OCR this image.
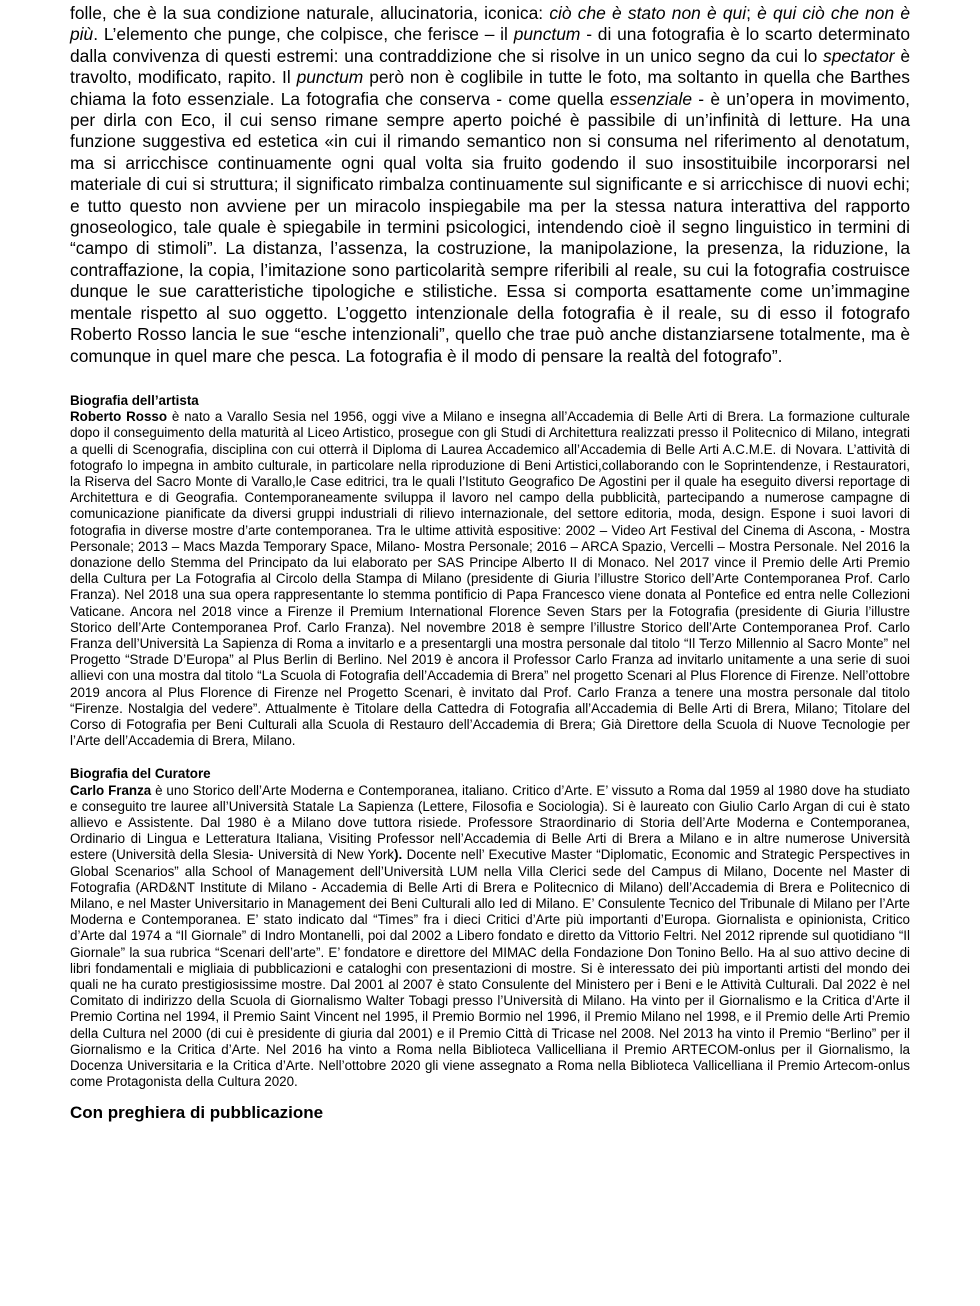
folle, che è la sua condizione naturale, allucinatoria, iconica: ciò che è stato non è qui; è qui ciò che non è più. L’elemento che punge, che colpisce, che ferisce – il punctum - di una fotografia è lo scarto determinato dalla convivenza di questi estremi: una contraddizione che si risolve in un unico segno da cui lo spectator è travolto, modificato, rapito. Il punctum però non è coglibile in tutte le foto, ma soltanto in quella che Barthes chiama la foto essenziale. La fotografia che conserva - come quella essenziale - è un’opera in movimento, per dirla con Eco, il cui senso rimane sempre aperto poiché è passibile di un’infinità di letture. Ha una funzione suggestiva ed estetica «in cui il rimando semantico non si consuma nel riferimento al denotatum, ma si arricchisce continuamente ogni qual volta sia fruito godendo il suo insostituibile incorporarsi nel materiale di cui si struttura; il significato rimbalza continuamente sul significante e si arricchisce di nuovi echi; e tutto questo non avviene per un miracolo inspiegabile ma per la stessa natura interattiva del rapporto gnoseologico, tale quale è spiegabile in termini psicologici, intendendo cioè il segno linguistico in termini di “campo di stimoli”. La distanza, l’assenza, la costruzione, la manipolazione, la presenza, la riduzione, la contraffazione, la copia, l’imitazione sono particolarità sempre riferibili al reale, su cui la fotografia costruisce dunque le sue caratteristiche tipologiche e stilistiche. Essa si comporta esattamente come un’immagine mentale rispetto al suo oggetto. L’oggetto intenzionale della fotografia è il reale, su di esso il fotografo Roberto Rosso lancia le sue “esche intenzionali”, quello che trae può anche distanziarsene totalmente, ma è comunque in quel mare che pesca. La fotografia è il modo di pensare la realtà del fotografo”.

Biografia dell’artista

Roberto Rosso è nato a Varallo Sesia nel 1956, oggi vive a Milano e insegna all’Accademia di Belle Arti di Brera. La formazione culturale dopo il conseguimento della maturità al Liceo Artistico, prosegue con gli Studi di Architettura realizzati presso il Politecnico di Milano, integrati a quelli di Scenografia, disciplina con cui otterrà il Diploma di Laurea Accademico all’Accademia di Belle Arti A.C.M.E. di Novara. L’attività di fotografo lo impegna in ambito culturale, in particolare nella riproduzione di Beni Artistici,collaborando con le Soprintendenze, i Restauratori, la Riserva del Sacro Monte di Varallo,le Case editrici, tra le quali l’Istituto Geografico De Agostini per il quale ha eseguito diversi reportage di Architettura e di Geografia. Contemporaneamente sviluppa il lavoro nel campo della pubblicità, partecipando a numerose campagne di comunicazione pianificate da diversi gruppi industriali di rilievo internazionale, del settore editoria, moda, design. Espone i suoi lavori di fotografia in diverse mostre d’arte contemporanea. Tra le ultime attività espositive: 2002 – Video Art Festival del Cinema di Ascona, - Mostra Personale; 2013 – Macs Mazda Temporary Space, Milano- Mostra Personale; 2016 – ARCA Spazio, Vercelli – Mostra Personale. Nel 2016 la donazione dello Stemma del Principato da lui elaborato per SAS Principe Alberto II di Monaco. Nel 2017 vince il Premio delle Arti Premio della Cultura per La Fotografia al Circolo della Stampa di Milano (presidente di Giuria l’illustre Storico dell’Arte Contemporanea Prof. Carlo Franza). Nel 2018 una sua opera rappresentante lo stemma pontificio di Papa Francesco viene donata al Pontefice ed entra nelle Collezioni Vaticane. Ancora nel 2018 vince a Firenze il Premium International Florence Seven Stars per la Fotografia (presidente di Giuria l’illustre Storico dell’Arte Contemporanea Prof. Carlo Franza). Nel novembre 2018 è sempre l’illustre Storico dell’Arte Contemporanea Prof. Carlo Franza dell’Università La Sapienza di Roma a invitarlo e a presentargli una mostra personale dal titolo “Il Terzo Millennio al Sacro Monte” nel Progetto “Strade D’Europa” al Plus Berlin di Berlino. Nel 2019 è ancora il Professor Carlo Franza ad invitarlo unitamente a una serie di suoi allievi con una mostra dal titolo “La Scuola di Fotografia dell’Accademia di Brera” nel progetto Scenari al Plus Florence di Firenze. Nell’ottobre 2019 ancora al Plus Florence di Firenze nel Progetto Scenari, è invitato dal Prof. Carlo Franza a tenere una mostra personale dal titolo “Firenze. Nostalgia del vedere”. Attualmente è Titolare della Cattedra di Fotografia all’Accademia di Belle Arti di Brera, Milano; Titolare del Corso di Fotografia per Beni Culturali alla Scuola di Restauro dell’Accademia di Brera; Già Direttore della Scuola di Nuove Tecnologie per l’Arte dell’Accademia di Brera, Milano.

Biografia del Curatore

Carlo Franza è uno Storico dell’Arte Moderna e Contemporanea, italiano. Critico d’Arte. E’ vissuto a Roma dal 1959 al 1980 dove ha studiato e conseguito tre lauree all’Università Statale La Sapienza (Lettere, Filosofia e Sociologia). Si è laureato con Giulio Carlo Argan di cui è stato allievo e Assistente. Dal 1980 è a Milano dove tuttora risiede. Professore Straordinario di Storia dell’Arte Moderna e Contemporanea, Ordinario di Lingua e Letteratura Italiana, Visiting Professor nell’Accademia di Belle Arti di Brera a Milano e in altre numerose Università estere (Università della Slesia- Università di New York). Docente nell’ Executive Master “Diplomatic, Economic and Strategic Perspectives in Global Scenarios” alla School of Management dell’Università LUM nella Villa Clerici sede del Campus di Milano, Docente nel Master di Fotografia (ARD&NT Institute di Milano - Accademia di Belle Arti di Brera e Politecnico di Milano) dell’Accademia di Brera e Politecnico di Milano, e nel Master Universitario in Management dei Beni Culturali allo Ied di Milano. E’ Consulente Tecnico del Tribunale di Milano per l’Arte Moderna e Contemporanea. E’ stato indicato dal “Times” fra i dieci Critici d’Arte più importanti d’Europa. Giornalista e opinionista, Critico d’Arte dal 1974 a “Il Giornale” di Indro Montanelli, poi dal 2002 a Libero fondato e diretto da Vittorio Feltri. Nel 2012 riprende sul quotidiano “Il Giornale” la sua rubrica “Scenari dell’arte”. E’ fondatore e direttore del MIMAC della Fondazione Don Tonino Bello. Ha al suo attivo decine di libri fondamentali e migliaia di pubblicazioni e cataloghi con presentazioni di mostre. Si è interessato dei più importanti artisti del mondo dei quali ne ha curato prestigiosissime mostre. Dal 2001 al 2007 è stato Consulente del Ministero per i Beni e le Attività Culturali. Dal 2022 è nel Comitato di indirizzo della Scuola di Giornalismo Walter Tobagi presso l’Università di Milano. Ha vinto per il Giornalismo e la Critica d’Arte il Premio Cortina nel 1994, il Premio Saint Vincent nel 1995, il Premio Bormio nel 1996, il Premio Milano nel 1998, e il Premio delle Arti Premio della Cultura nel 2000 (di cui è presidente di giuria dal 2001) e il Premio Città di Tricase nel 2008. Nel 2013 ha vinto il Premio “Berlino” per il Giornalismo e la Critica d’Arte. Nel 2016 ha vinto a Roma nella Biblioteca Vallicelliana il Premio ARTECOM-onlus per il Giornalismo, la Docenza Universitaria e la Critica d’Arte. Nell’ottobre 2020 gli viene assegnato a Roma nella Biblioteca Vallicelliana il Premio Artecom-onlus come Protagonista della Cultura 2020.

Con preghiera di pubblicazione
